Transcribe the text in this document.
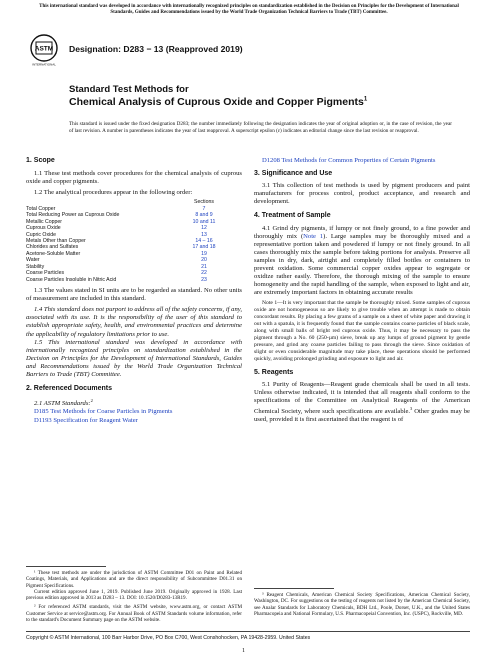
This international standard was developed in accordance with internationally recognized principles on standardization established in the Decision on Principles for the Development of International Standards, Guides and Recommendations issued by the World Trade Organization Technical Barriers to Trade (TBT) Committee.
ASTM
INTERNATIONAL
Designation: D283 − 13 (Reapproved 2019)
Standard Test Methods for
Chemical Analysis of Cuprous Oxide and Copper Pigments$^1$
This standard is issued under the fixed designation D283; the number immediately following the designation indicates the year of original adoption or, in the case of revision, the year of last revision. A number in parentheses indicates the year of last reapproval. A superscript epsilon (ε) indicates an editorial change since the last revision or reapproval.
1. Scope

1.1 These test methods cover procedures for the chemical analysis of cuprous oxide and copper pigments.

1.2 The analytical procedures appear in the following order:

Sections
Total Copper	7
Total Reducing Power as Cuprous Oxide	8 and 9
Metallic Copper	10 and 11
Cuprous Oxide	12
Cupric Oxide	13
Metals Other than Copper	14 – 16
Chlorides and Sulfates	17 and 18
Acetone-Soluble Matter	19
Water	20
Stability	21
Coarse Particles	22
Coarse Particles Insoluble in Nitric Acid	23

1.3 The values stated in SI units are to be regarded as standard. No other units of measurement are included in this standard.

1.4 This standard does not purport to address all of the safety concerns, if any, associated with its use. It is the responsibility of the user of this standard to establish appropriate safety, health, and environmental practices and determine the applicability of regulatory limitations prior to use.

1.5 This international standard was developed in accordance with internationally recognized principles on standardization established in the Decision on Principles for the Development of International Standards, Guides and Recommendations issued by the World Trade Organization Technical Barriers to Trade (TBT) Committee.

2. Referenced Documents

2.1 ASTM Standards:$^2$

D185 Test Methods for Coarse Particles in Pigments
D1193 Specification for Reagent Water

¹ These test methods are under the jurisdiction of ASTM Committee D01 on Paint and Related Coatings, Materials, and Applications and are the direct responsibility of Subcommittee D01.31 on Pigment Specifications.

Current edition approved June 1, 2019. Published June 2019. Originally approved in 1928. Last previous edition approved in 2013 as D283 – 13. DOI: 10.1520/D0283-13R19.

² For referenced ASTM standards, visit the ASTM website, www.astm.org, or contact ASTM Customer Service at service@astm.org. For Annual Book of ASTM Standards volume information, refer to the standard's Document Summary page on the ASTM website.

D1208 Test Methods for Common Properties of Certain Pigments
3. Significance and Use

3.1 This collection of test methods is used by pigment producers and paint manufacturers for process control, product acceptance, and research and development.

4. Treatment of Sample

4.1 Grind dry pigments, if lumpy or not finely ground, to a fine powder and thoroughly mix (Note 1). Large samples may be thoroughly mixed and a representative portion taken and powdered if lumpy or not finely ground. In all cases thoroughly mix the sample before taking portions for analysis. Preserve all samples in dry, dark, airtight and completely filled bottles or containers to prevent oxidation. Some commercial copper oxides appear to segregate or oxidize rather easily. Therefore, the thorough mixing of the sample to ensure homogeneity and the rapid handling of the sample, when exposed to light and air, are extremely important factors in obtaining accurate results

Note 1—It is very important that the sample be thoroughly mixed. Some samples of cuprous oxide are not homogeneous so are likely to give trouble when an attempt is made to obtain concordant results. By placing a few grams of a sample on a sheet of white paper and drawing it out with a spatula, it is frequently found that the sample contains coarse particles of black scale, along with small balls of bright red cuprous oxide. Thus, it may be necessary to pass the pigment through a No. 60 (250-µm) sieve, break up any lumps of ground pigment by gentle pressure, and grind any coarse particles failing to pass through the sieve. Since oxidation of slight or even considerable magnitude may take place, these operations should be performed quickly, avoiding prolonged grinding and exposure to light and air.

5. Reagents

5.1 Purity of Reagents—Reagent grade chemicals shall be used in all tests. Unless otherwise indicated, it is intended that all reagents shall conform to the specifications of the Committee on Analytical Reagents of the American Chemical Society, where such specifications are available.$^3$ Other grades may be used, provided it is first ascertained that the reagent is of

³ Reagent Chemicals, American Chemical Society Specifications, American Chemical Society, Washington, DC. For suggestions on the testing of reagents not listed by the American Chemical Society, see Analar Standards for Laboratory Chemicals, BDH Ltd., Poole, Dorset, U.K., and the United States Pharmacopeia and National Formulary, U.S. Pharmacopeial Convention, Inc. (USPC), Rockville, MD.

Copyright © ASTM International, 100 Barr Harbor Drive, PO Box C700, West Conshohocken, PA 19428-2959. United States
1
